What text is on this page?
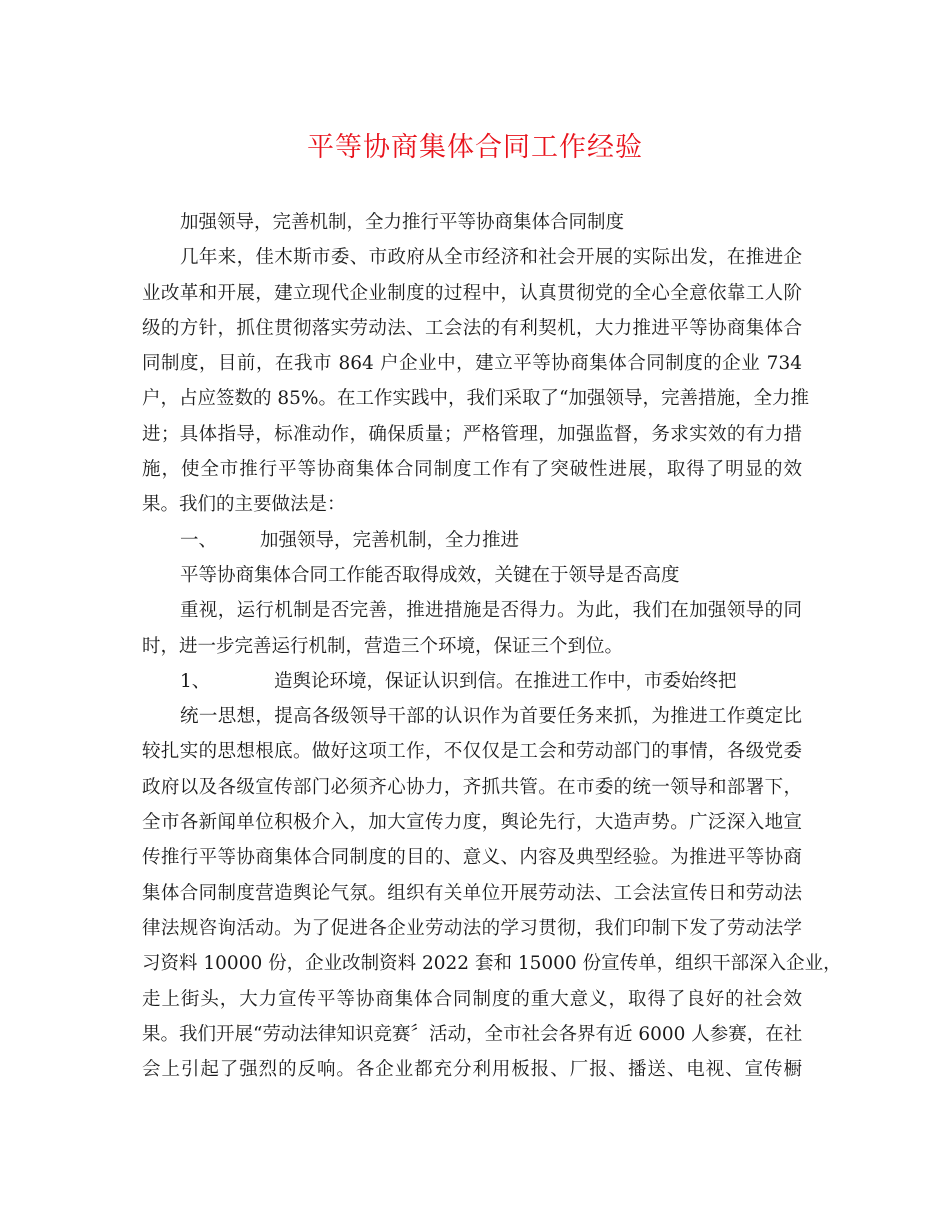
平等协商集体合同工作经验
加强领导，完善机制，全力推行平等协商集体合同制度
几年来，佳木斯市委、市政府从全市经济和社会开展的实际出发，在推进企
业改革和开展，建立现代企业制度的过程中，认真贯彻党的全心全意依靠工人阶
级的方针，抓住贯彻落实劳动法、工会法的有利契机，大力推进平等协商集体合
同制度，目前，在我市 864 户企业中，建立平等协商集体合同制度的企业 734
户，占应签数的 85%。在工作实践中，我们采取了“加强领导，完善措施，全力推
进；具体指导，标准动作，确保质量；严格管理，加强监督，务求实效的有力措
施，使全市推行平等协商集体合同制度工作有了突破性进展，取得了明显的效
果。我们的主要做法是：
一、 加强领导，完善机制，全力推进
平等协商集体合同工作能否取得成效，关键在于领导是否高度
重视，运行机制是否完善，推进措施是否得力。为此，我们在加强领导的同
时，进一步完善运行机制，营造三个环境，保证三个到位。
1、	造舆论环境，保证认识到信。在推进工作中，市委始终把
统一思想，提高各级领导干部的认识作为首要任务来抓，为推进工作奠定比
较扎实的思想根底。做好这项工作，不仅仅是工会和劳动部门的事情，各级党委
政府以及各级宣传部门必须齐心协力，齐抓共管。在市委的统一领导和部署下，
全市各新闻单位积极介入，加大宣传力度，舆论先行，大造声势。广泛深入地宣
传推行平等协商集体合同制度的目的、意义、内容及典型经验。为推进平等协商
集体合同制度营造舆论气氛。组织有关单位开展劳动法、工会法宣传日和劳动法
律法规咨询活动。为了促进各企业劳动法的学习贯彻，我们印制下发了劳动法学
习资料 10000 份，企业改制资料 2022 套和 15000 份宣传单，组织干部深入企业，
走上街头，大力宣传平等协商集体合同制度的重大意义，取得了良好的社会效
果。我们开展“劳动法律知识竞赛〞活动，全市社会各界有近 6000 人参赛，在社
会上引起了强烈的反响。各企业都充分利用板报、厂报、播送、电视、宣传橱
